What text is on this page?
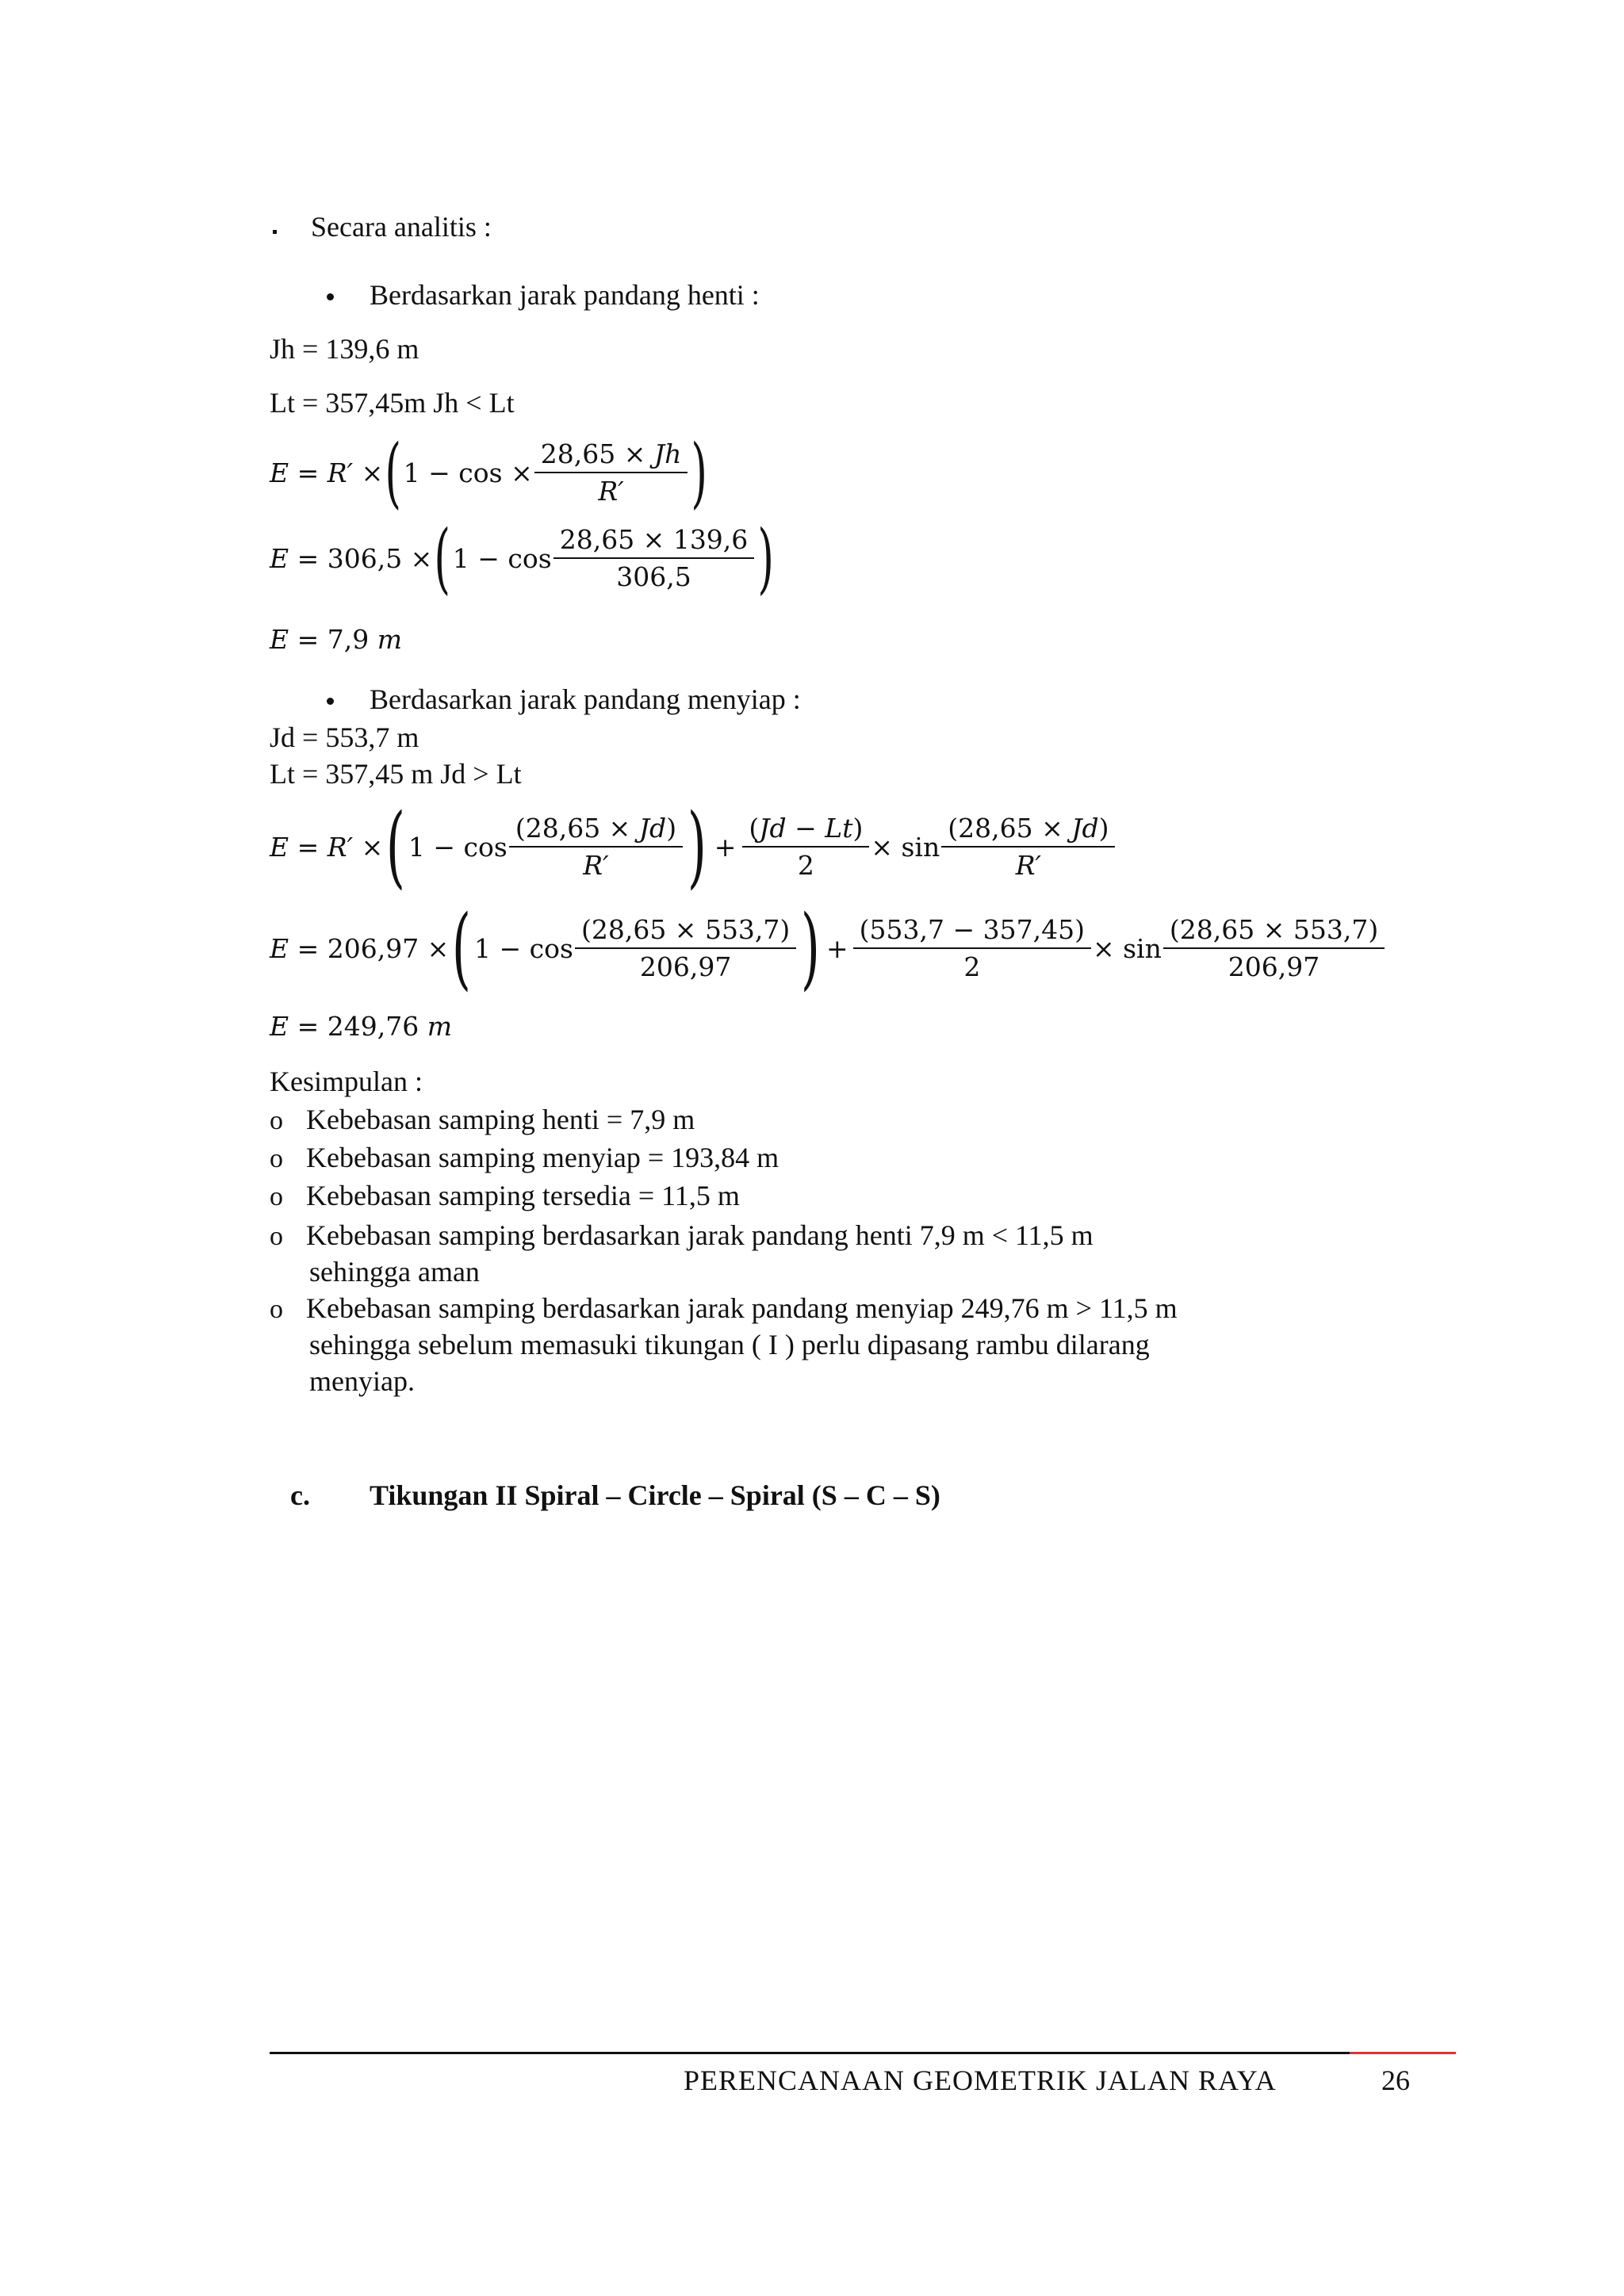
Secara analitis :
Berdasarkan jarak pandang henti :
Jh = 139,6 m
Lt = 357,45m Jh < Lt
E = R′ × ( $1 - \cos \times \frac{28,65 \times Jh}{R'}$ )
E = 306,5 × ( $1 - \cos \frac{28,65 \times 139,6}{306,5}$ )
E = 7,9 m
Berdasarkan jarak pandang menyiap :
Jd = 553,7 m
Lt = 357,45 m Jd > Lt
E = R′ × ( $1 - \cos \frac{(28,65 \times Jd)}{R'}$ ) + $\frac{(Jd - Lt)}{2} \times \sin \frac{(28,65 \times Jd)}{R'}$
E = 206,97 × ( $1 - \cos \frac{(28,65 \times 553,7)}{206,97}$ ) + $\frac{(553,7 - 357,45)}{2} \times \sin \frac{(28,65 \times 553,7)}{206,97}$
E = 249,76 m
Kesimpulan :
o Kebebasan samping henti = 7,9 m
o Kebebasan samping menyiap = 193,84 m
o Kebebasan samping tersedia = 11,5 m
o Kebebasan samping berdasarkan jarak pandang henti 7,9 m < 11,5 m
sehingga aman
o Kebebasan samping berdasarkan jarak pandang menyiap 249,76 m > 11,5 m
sehingga sebelum memasuki tikungan ( I ) perlu dipasang rambu dilarang
menyiap.
c. Tikungan II Spiral – Circle – Spiral (S – C – S)
PERENCANAAN GEOMETRIK JALAN RAYA	26
